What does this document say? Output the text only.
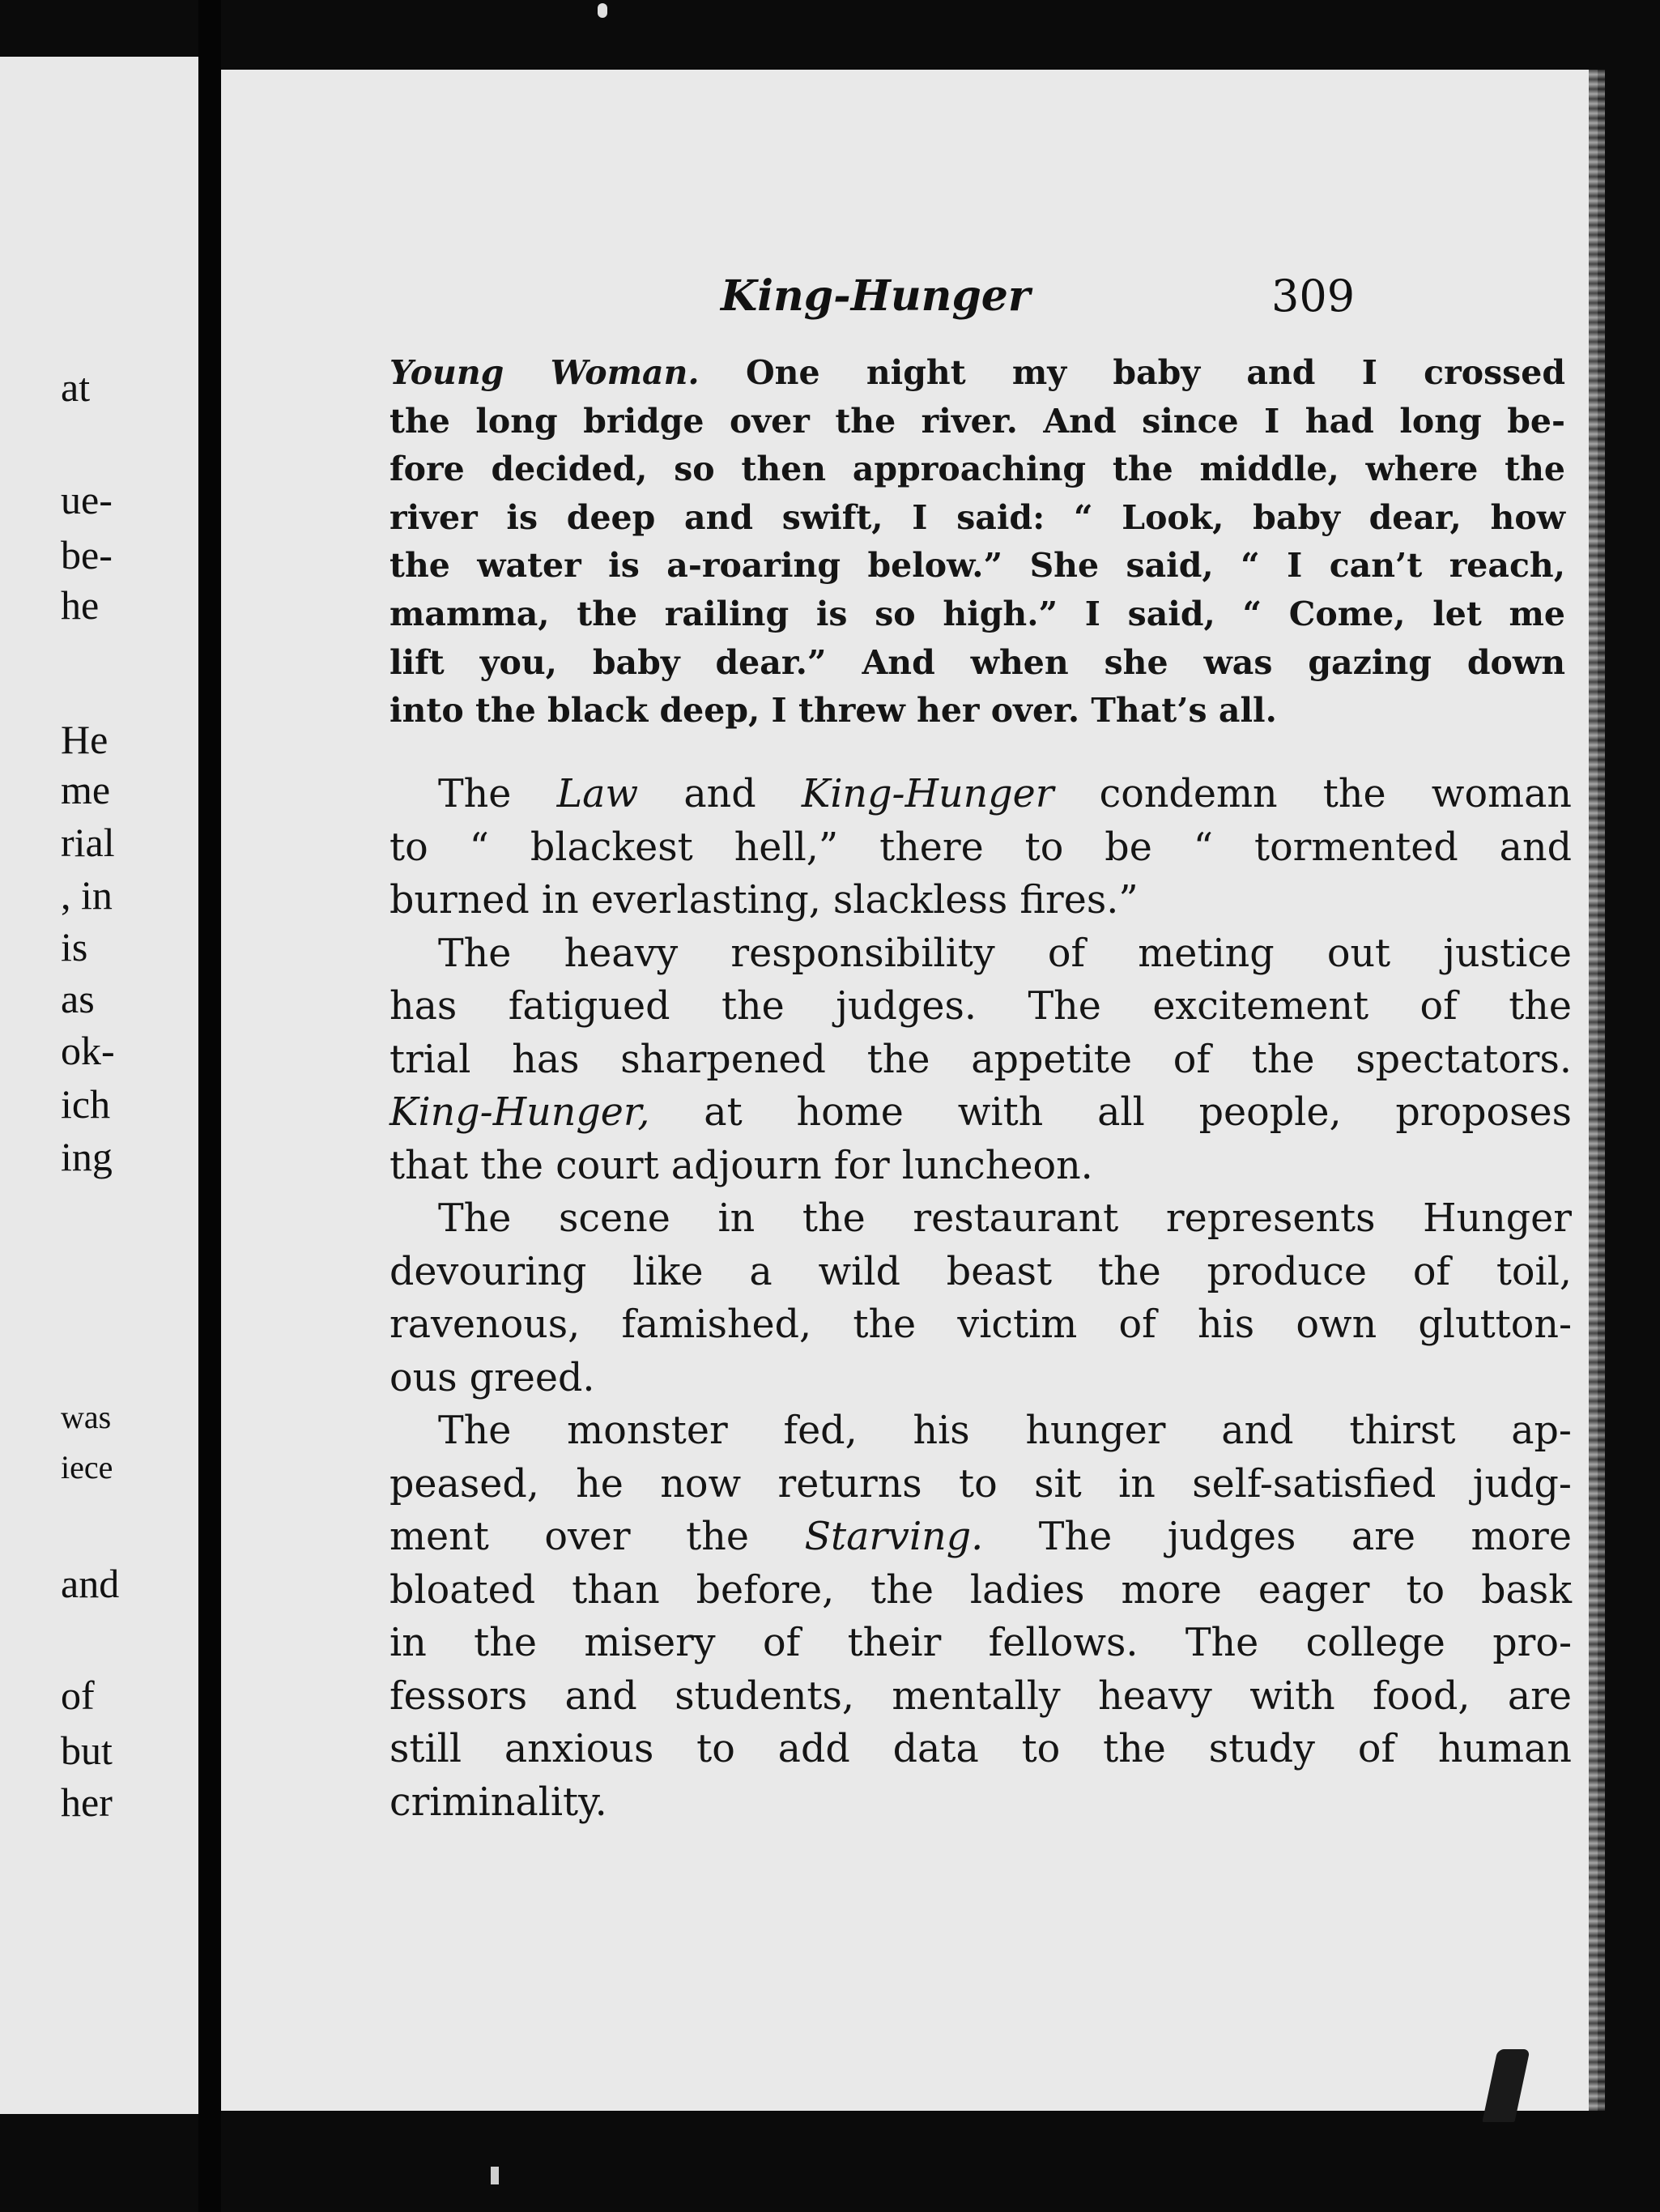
at
ue-
be-
he
He
me
rial
, in
is
as
ok-
ich
ing
was
iece
and
of
but
her
King-Hunger	309
Young Woman. One night my baby and I crossed
the long bridge over the river. And since I had long be-
fore decided, so then approaching the middle, where the
river is deep and swift, I said: “ Look, baby dear, how
the water is a-roaring below.” She said, “ I can’t reach,
mamma, the railing is so high.” I said, “ Come, let me
lift you, baby dear.” And when she was gazing down
into the black deep, I threw her over. That’s all.
The Law and King-Hunger condemn the woman
to “ blackest hell,” there to be “ tormented and
burned in everlasting, slackless fires.”
The heavy responsibility of meting out justice
has fatigued the judges. The excitement of the
trial has sharpened the appetite of the spectators.
King-Hunger, at home with all people, proposes
that the court adjourn for luncheon.
The scene in the restaurant represents Hunger
devouring like a wild beast the produce of toil,
ravenous, famished, the victim of his own glutton-
ous greed.
The monster fed, his hunger and thirst ap-
peased, he now returns to sit in self-satisfied judg-
ment over the Starving. The judges are more
bloated than before, the ladies more eager to bask
in the misery of their fellows. The college pro-
fessors and students, mentally heavy with food, are
still anxious to add data to the study of human
criminality.
